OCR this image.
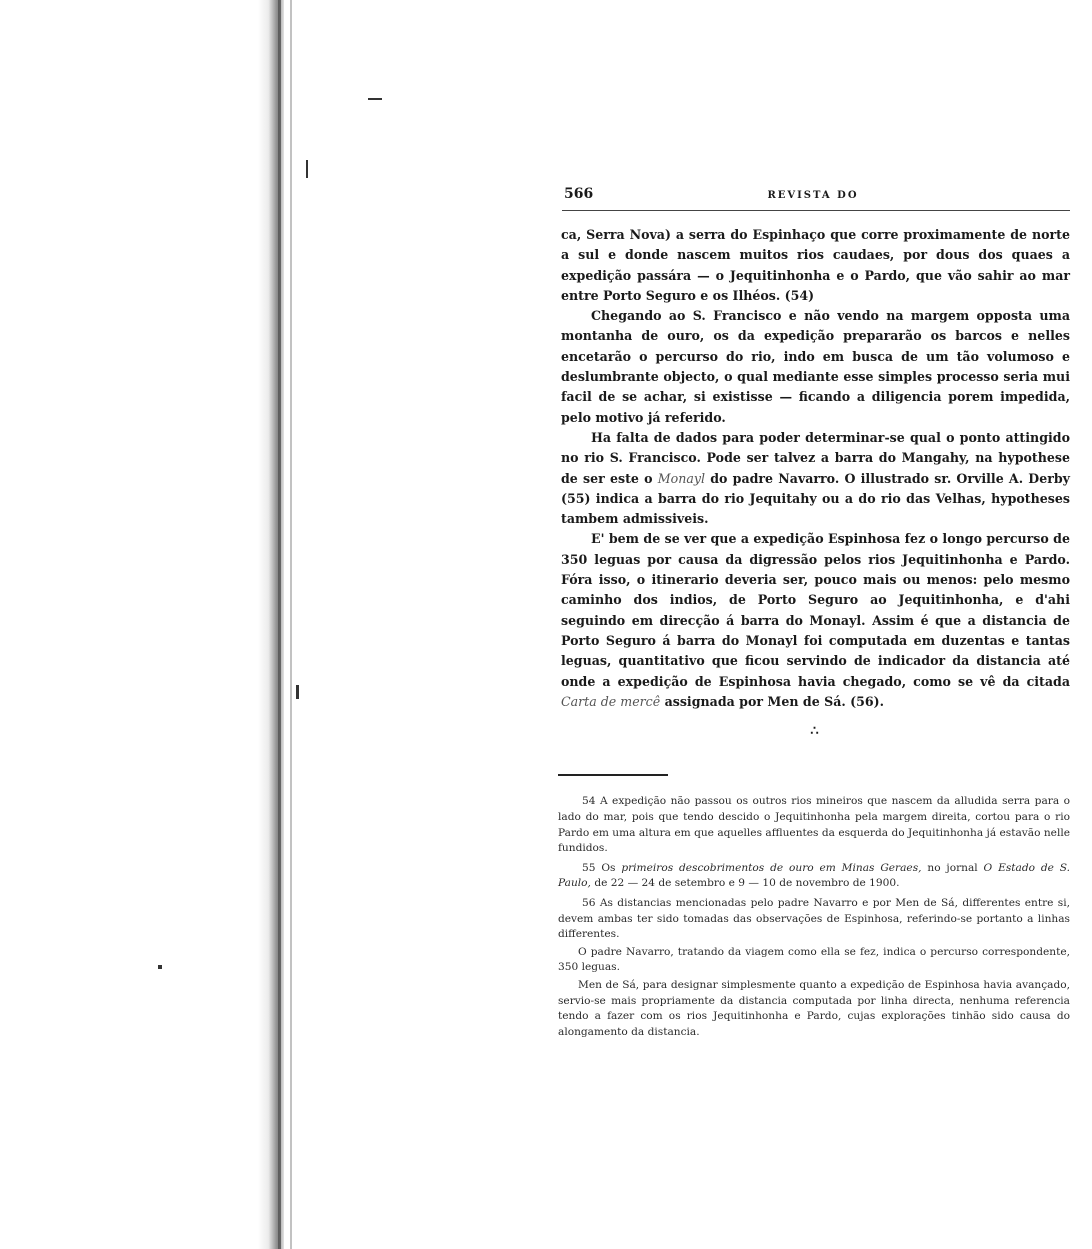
566	REVISTA DO

ca, Serra Nova) a serra do Espinhaço que corre proximamente de norte a sul e donde nascem muitos rios caudaes, por dous dos quaes a expedição passára — o Jequitinhonha e o Pardo, que vão sahir ao mar entre Porto Seguro e os Ilhéos. (54)

Chegando ao S. Francisco e não vendo na margem opposta uma montanha de ouro, os da expedição prepararão os barcos e nelles encetarão o percurso do rio, indo em busca de um tão volumoso e deslumbrante objecto, o qual mediante esse simples processo seria mui facil de se achar, si existisse — ficando a diligencia porem impedida, pelo motivo já referido.

Ha falta de dados para poder determinar-se qual o ponto attingido no rio S. Francisco. Pode ser talvez a barra do Mangahy, na hypothese de ser este o Monayl do padre Navarro. O illustrado sr. Orville A. Derby (55) indica a barra do rio Jequitahy ou a do rio das Velhas, hypotheses tambem admissiveis.

E' bem de se ver que a expedição Espinhosa fez o longo percurso de 350 leguas por causa da digressão pelos rios Jequitinhonha e Pardo. Fóra isso, o itinerario deveria ser, pouco mais ou menos: pelo mesmo caminho dos indios, de Porto Seguro ao Jequitinhonha, e d'ahi seguindo em direcção á barra do Monayl. Assim é que a distancia de Porto Seguro á barra do Monayl foi computada em duzentas e tantas leguas, quantitativo que ficou servindo de indicador da distancia até onde a expedição de Espinhosa havia chegado, como se vê da citada Carta de mercê assignada por Men de Sá. (56).

∴

54 A expedição não passou os outros rios mineiros que nascem da alludida serra para o lado do mar, pois que tendo descido o Jequitinhonha pela margem direita, cortou para o rio Pardo em uma altura em que aquelles affluentes da esquerda do Jequitinhonha já estavão nelle fundidos.

55 Os primeiros descobrimentos de ouro em Minas Geraes, no jornal O Estado de S. Paulo, de 22 — 24 de setembro e 9 — 10 de novembro de 1900.

56 As distancias mencionadas pelo padre Navarro e por Men de Sá, differentes entre si, devem ambas ter sido tomadas das observações de Espinhosa, referindo-se portanto a linhas differentes.

O padre Navarro, tratando da viagem como ella se fez, indica o percurso correspondente, 350 leguas.

Men de Sá, para designar simplesmente quanto a expedição de Espinhosa havia avançado, servio-se mais propriamente da distancia computada por linha directa, nenhuma referencia tendo a fazer com os rios Jequitinhonha e Pardo, cujas explorações tinhão sido causa do alongamento da distancia.
